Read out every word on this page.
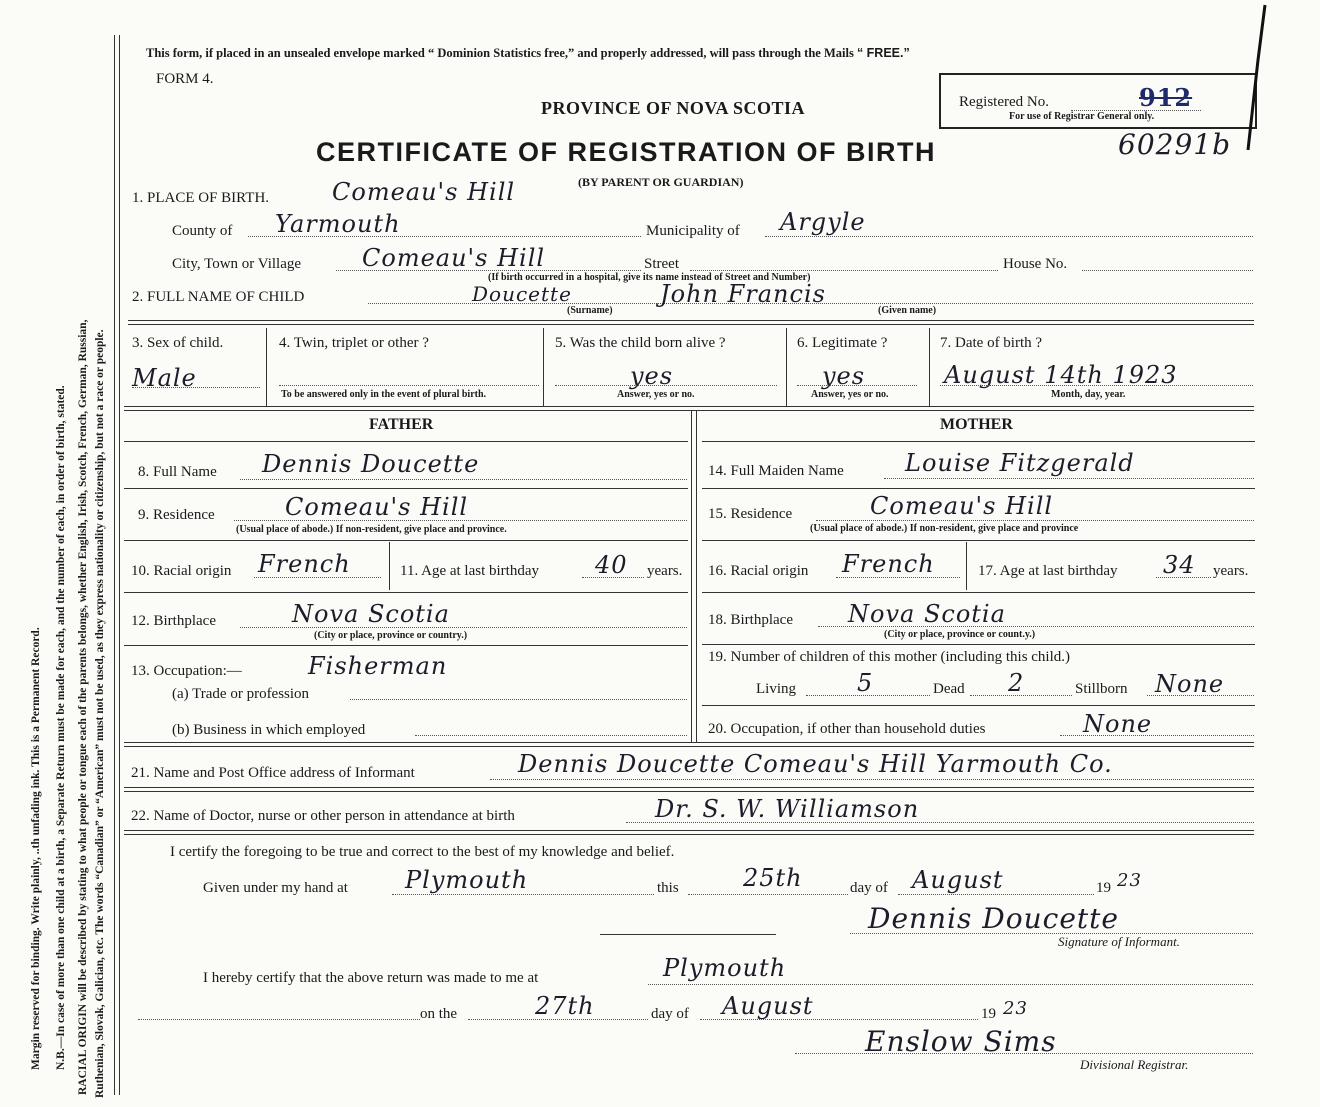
Margin reserved for binding. Write plainly, ..th unfading ink. This is a Permanent Record. N.B.—In case of more than one child at a birth, a Separate Return must be made for each, and the number of each, in order of birth, stated. RACIAL ORIGIN will be described by stating to what people or tongue each of the parents belongs, whether English, Irish, Scotch, French, German, Russian, Ruthenian, Slovak, Galician, etc. The words “Canadian” or “American” must not be used, as they express nationality or citizenship, but not a race or people.
This form, if placed in an unsealed envelope marked “ Dominion Statistics free,” and properly addressed, will pass through the Mails “ FREE.”
FORM 4.
PROVINCE OF NOVA SCOTIA
CERTIFICATE OF REGISTRATION OF BIRTH
(BY PARENT OR GUARDIAN)
Registered No.	912
For use of Registrar General only.
60291b
1. PLACE OF BIRTH.	Comeau's Hill
County of Yarmouth	Municipality of Argyle
City, Town or Village	Comeau's Hill	Street	House No.
(If birth occurred in a hospital, give its name instead of Street and Number)
2. FULL NAME OF CHILD	Doucette	John Francis
(Surname)	(Given name)
3. Sex of child.
Male
4. Twin, triplet or other ?
To be answered only in the event of plural birth.
5. Was the child born alive ?
yes
Answer, yes or no.
6. Legitimate ?
yes
Answer, yes or no.
7. Date of birth ?
August 14th 1923
Month, day, year.
FATHER
8. Full Name Dennis Doucette
9. Residence	Comeau's Hill
(Usual place of abode.) If non-resident, give place and province.
10. Racial origin French	11. Age at last birthday 40 years.
12. Birthplace	Nova Scotia
(City or place, province or country.)
13. Occupation:—	Fisherman
(a) Trade or profession
(b) Business in which employed
MOTHER
14. Full Maiden Name	Louise Fitzgerald
15. Residence	Comeau's Hill
(Usual place of abode.) If non-resident, give place and province
16. Racial origin French	17. Age at last birthday 34 years.
18. Birthplace Nova Scotia
(City or place, province or count.y.)
19. Number of children of this mother (including this child.)
Living	5	Dead 2	Stillborn None
20. Occupation, if other than household duties	None
21. Name and Post Office address of Informant	Dennis Doucette Comeau's Hill Yarmouth Co.
22. Name of Doctor, nurse or other person in attendance at birth	Dr. S. W. Williamson
I certify the foregoing to be true and correct to the best of my knowledge and belief.
Given under my hand at Plymouth	this	25th	day of August	19 23
Dennis Doucette
Signature of Informant.
I hereby certify that the above return was made to me at	Plymouth
on the	27th	day of August	19 23
Enslow Sims
Divisional Registrar.
